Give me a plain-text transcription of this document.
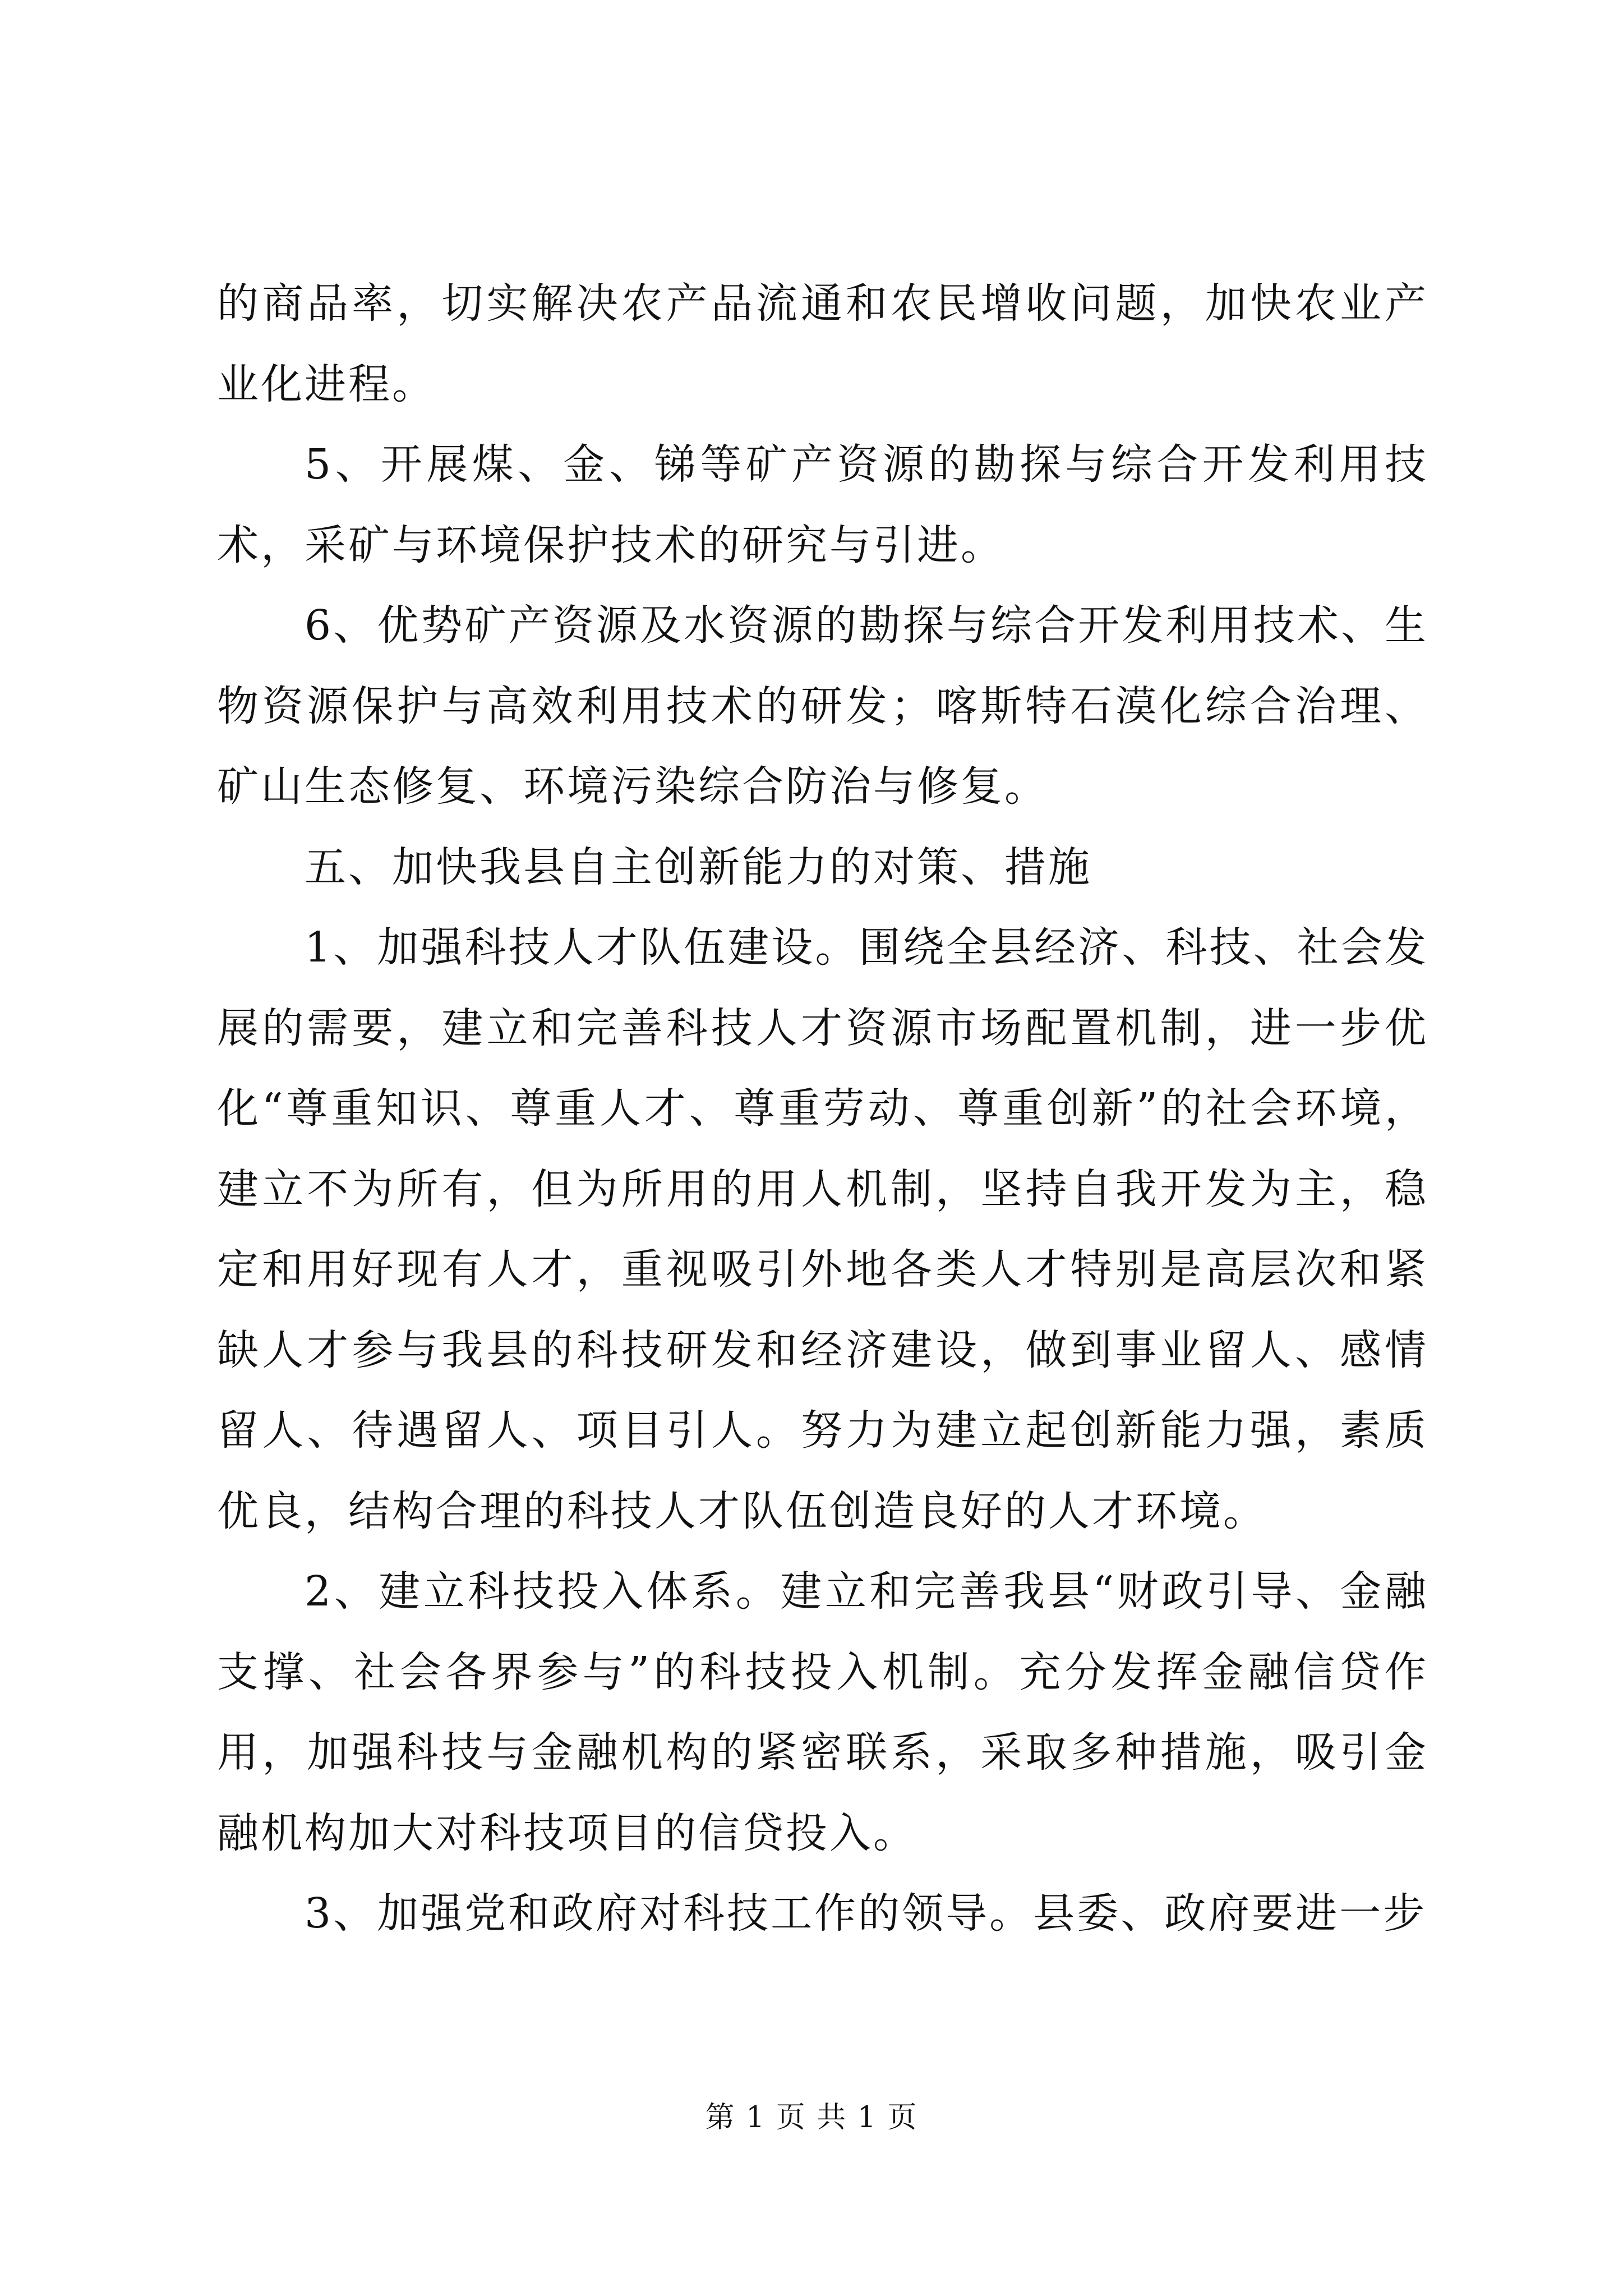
的商品率，切实解决农产品流通和农民增收问题，加快农业产业化进程。

5、开展煤、金、锑等矿产资源的勘探与综合开发利用技术，采矿与环境保护技术的研究与引进。

6、优势矿产资源及水资源的勘探与综合开发利用技术、生物资源保护与高效利用技术的研发；喀斯特石漠化综合治理、矿山生态修复、环境污染综合防治与修复。

五、加快我县自主创新能力的对策、措施

1、加强科技人才队伍建设。围绕全县经济、科技、社会发展的需要，建立和完善科技人才资源市场配置机制，进一步优化“尊重知识、尊重人才、尊重劳动、尊重创新”的社会环境，建立不为所有，但为所用的用人机制，坚持自我开发为主，稳定和用好现有人才，重视吸引外地各类人才特别是高层次和紧缺人才参与我县的科技研发和经济建设，做到事业留人、感情留人、待遇留人、项目引人。努力为建立起创新能力强，素质优良，结构合理的科技人才队伍创造良好的人才环境。

2、建立科技投入体系。建立和完善我县“财政引导、金融支撑、社会各界参与”的科技投入机制。充分发挥金融信贷作用，加强科技与金融机构的紧密联系，采取多种措施，吸引金融机构加大对科技项目的信贷投入。

3、加强党和政府对科技工作的领导。县委、政府要进一步

第 1 页 共 1 页
